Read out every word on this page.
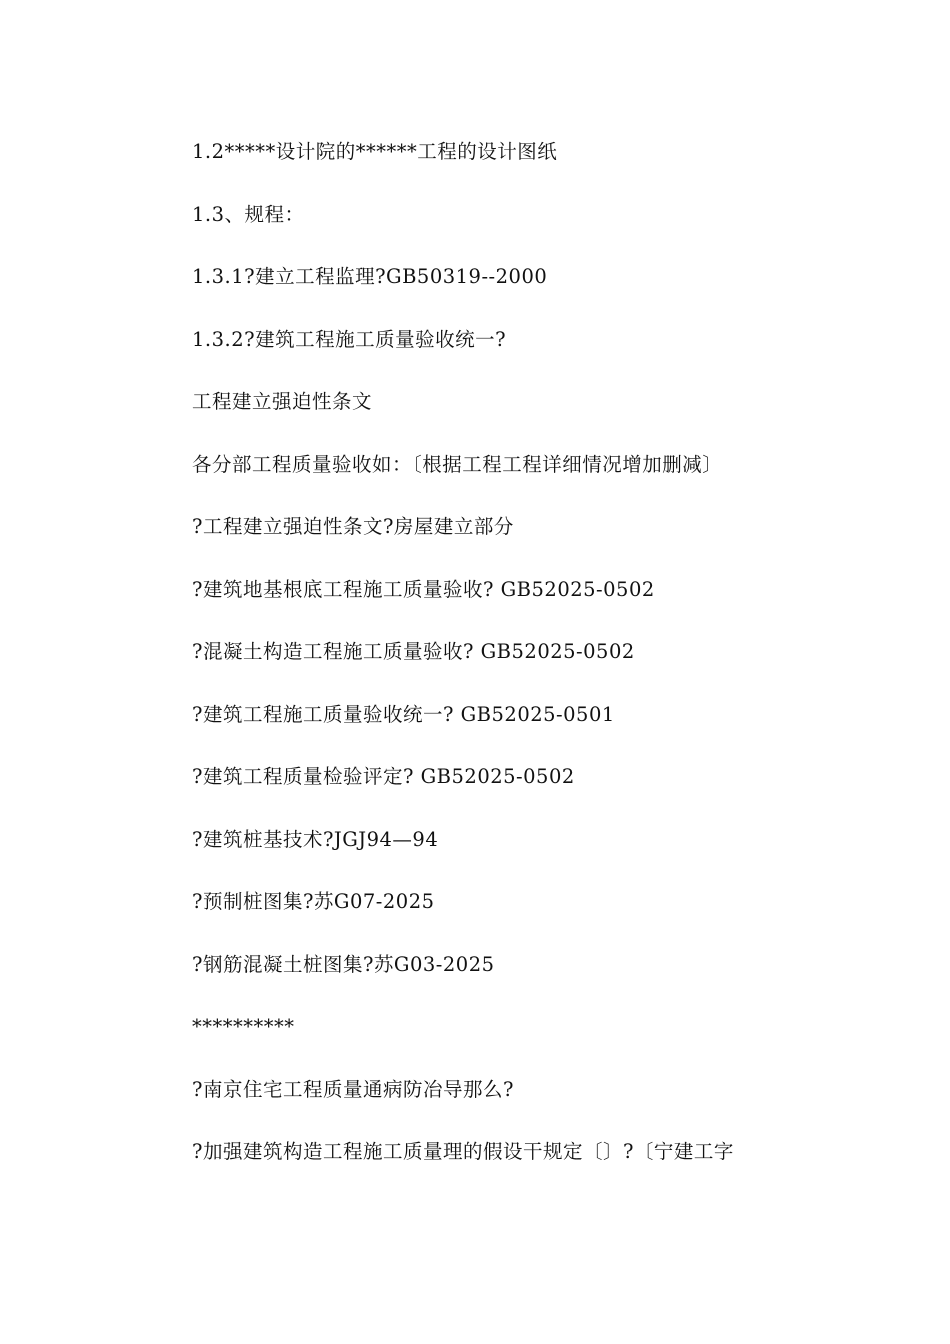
1.2*****设计院的******工程的设计图纸
1.3、规程：
1.3.1?建立工程监理?GB50319--2000
1.3.2?建筑工程施工质量验收统一?
工程建立强迫性条文
各分部工程质量验收如：〔根据工程工程详细情况增加删减〕
?工程建立强迫性条文?房屋建立部分
?建筑地基根底工程施工质量验收? GB52025-0502
?混凝土构造工程施工质量验收? GB52025-0502
?建筑工程施工质量验收统一? GB52025-0501
?建筑工程质量检验评定? GB52025-0502
?建筑桩基技术?JGJ94—94
?预制桩图集?苏G07-2025
?钢筋混凝土桩图集?苏G03-2025
**********
?南京住宅工程质量通病防冶导那么?
?加强建筑构造工程施工质量理的假设干规定〔〕?〔宁建工字
